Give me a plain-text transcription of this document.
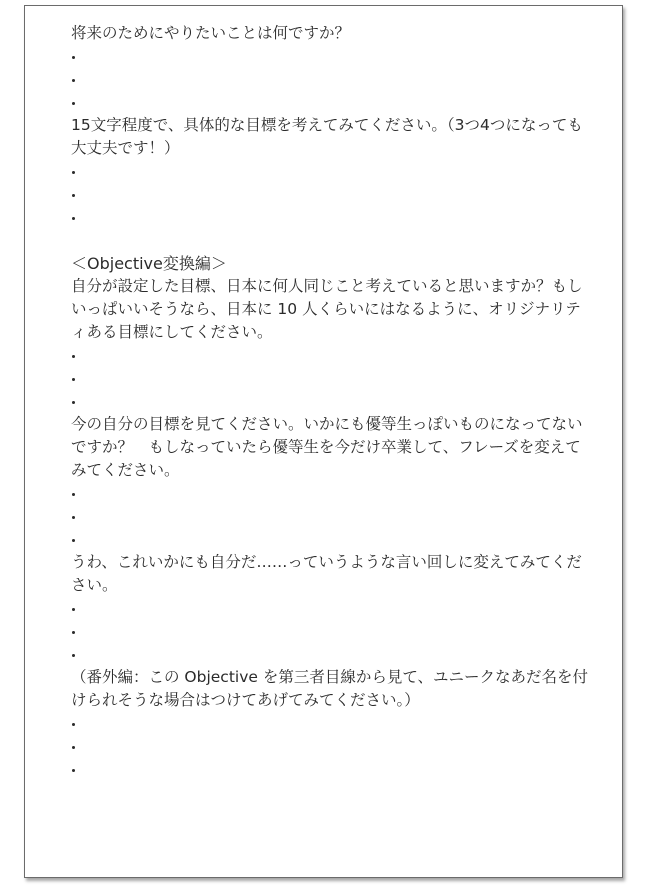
将来のためにやりたいことは何ですか？

15文字程度で、具体的な目標を考えてみてください。（3つ4つになっても大丈夫です！）

＜Objective変換編＞

自分が設定した目標、日本に何人同じこと考えていると思いますか？もしいっぱいいそうなら、日本に 10 人くらいにはなるように、オリジナリティある目標にしてください。

今の自分の目標を見てください。いかにも優等生っぽいものになってないですか？　もしなっていたら優等生を今だけ卒業して、フレーズを変えてみてください。

うわ、これいかにも自分だ……っていうような言い回しに変えてみてください。

（番外編：この Objective を第三者目線から見て、ユニークなあだ名を付けられそうな場合はつけてあげてみてください。）
